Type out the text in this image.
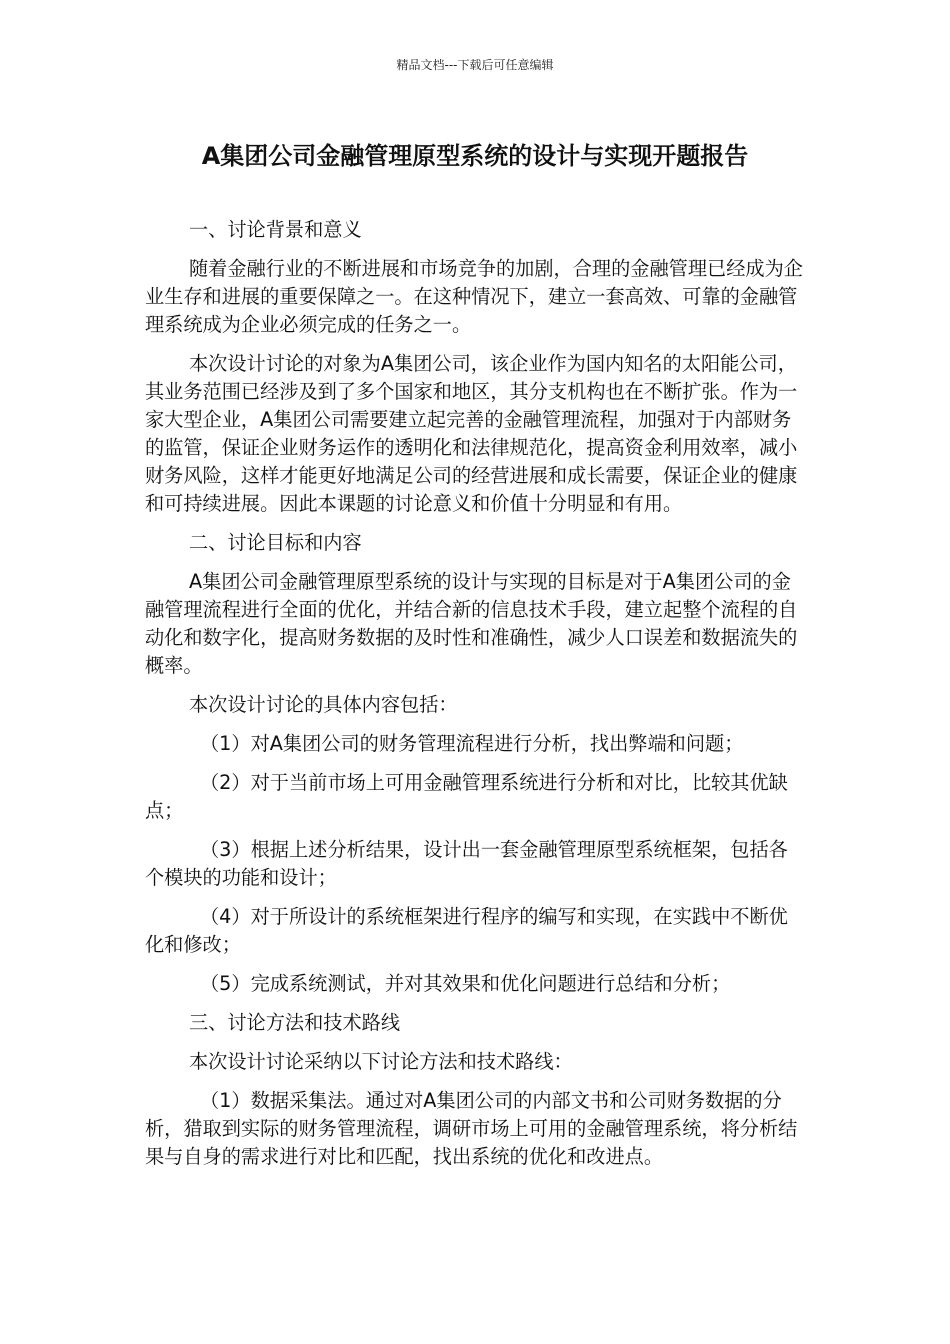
精品文档---下载后可任意编辑
A集团公司金融管理原型系统的设计与实现开题报告

一、讨论背景和意义

随着金融行业的不断进展和市场竞争的加剧，合理的金融管理已经成为企业生存和进展的重要保障之一。在这种情况下，建立一套高效、可靠的金融管理系统成为企业必须完成的任务之一。

本次设计讨论的对象为A集团公司，该企业作为国内知名的太阳能公司，其业务范围已经涉及到了多个国家和地区，其分支机构也在不断扩张。作为一家大型企业，A集团公司需要建立起完善的金融管理流程，加强对于内部财务的监管，保证企业财务运作的透明化和法律规范化，提高资金利用效率，减小财务风险，这样才能更好地满足公司的经营进展和成长需要，保证企业的健康和可持续进展。因此本课题的讨论意义和价值十分明显和有用。

二、讨论目标和内容

A集团公司金融管理原型系统的设计与实现的目标是对于A集团公司的金融管理流程进行全面的优化，并结合新的信息技术手段，建立起整个流程的自动化和数字化，提高财务数据的及时性和准确性，减少人口误差和数据流失的概率。

本次设计讨论的具体内容包括：

（1）对A集团公司的财务管理流程进行分析，找出弊端和问题；

（2）对于当前市场上可用金融管理系统进行分析和对比，比较其优缺点；

（3）根据上述分析结果，设计出一套金融管理原型系统框架，包括各个模块的功能和设计；

（4）对于所设计的系统框架进行程序的编写和实现，在实践中不断优化和修改；

（5）完成系统测试，并对其效果和优化问题进行总结和分析；

三、讨论方法和技术路线

本次设计讨论采纳以下讨论方法和技术路线：

（1）数据采集法。通过对A集团公司的内部文书和公司财务数据的分析，猎取到实际的财务管理流程，调研市场上可用的金融管理系统，将分析结果与自身的需求进行对比和匹配，找出系统的优化和改进点。
